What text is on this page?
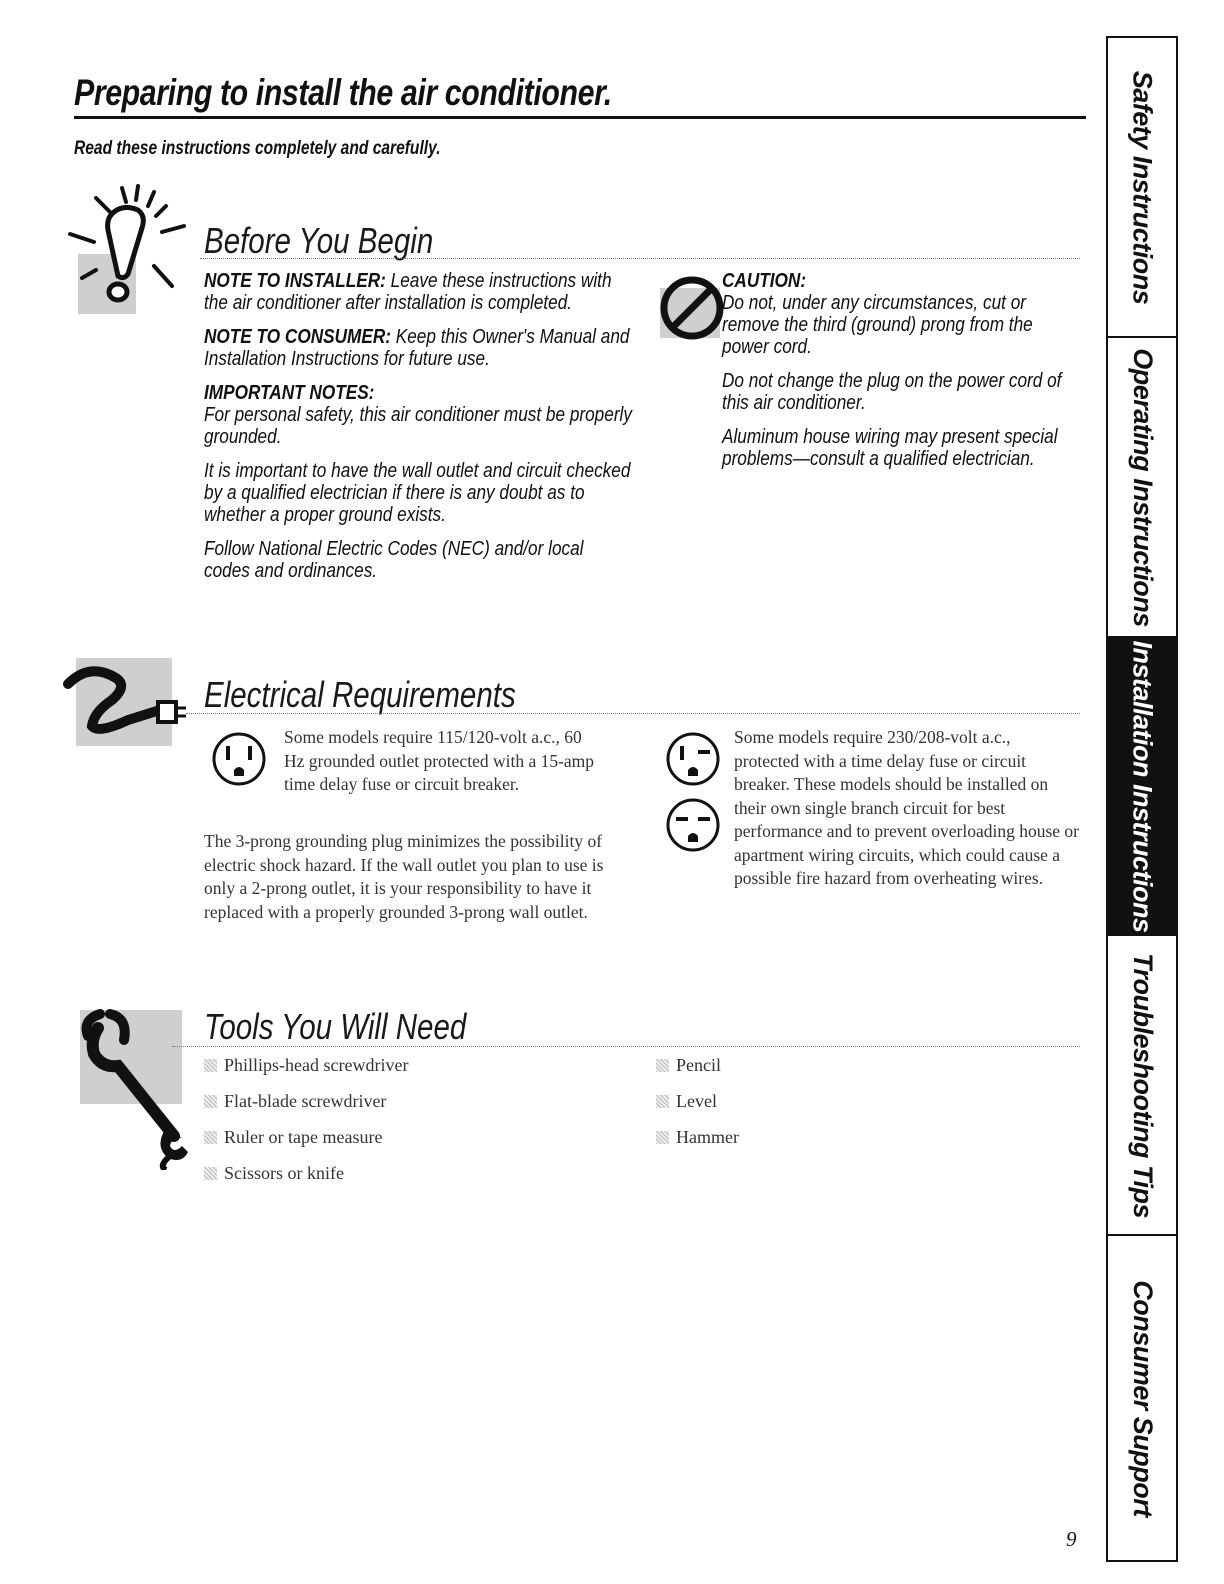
Preparing to install the air conditioner.
Read these instructions completely and carefully.
Before You Begin

NOTE TO INSTALLER: Leave these instructions with the air conditioner after installation is completed.

NOTE TO CONSUMER: Keep this Owner's Manual and Installation Instructions for future use.

IMPORTANT NOTES:
For personal safety, this air conditioner must be properly grounded.

It is important to have the wall outlet and circuit checked by a qualified electrician if there is any doubt as to whether a proper ground exists.

Follow National Electric Codes (NEC) and/or local codes and ordinances.

CAUTION:
Do not, under any circumstances, cut or remove the third (ground) prong from the power cord.

Do not change the plug on the power cord of this air conditioner.

Aluminum house wiring may present special problems—consult a qualified electrician.

Electrical Requirements
Some models require 115/120-volt a.c., 60 Hz grounded outlet protected with a 15-amp time delay fuse or circuit breaker.
The 3-prong grounding plug minimizes the possibility of electric shock hazard. If the wall outlet you plan to use is only a 2-prong outlet, it is your responsibility to have it replaced with a properly grounded 3-prong wall outlet.
Some models require 230/208-volt a.c., protected with a time delay fuse or circuit breaker. These models should be installed on their own single branch circuit for best performance and to prevent overloading house or apartment wiring circuits, which could cause a possible fire hazard from overheating wires.
Tools You Will Need
Phillips-head screwdriver
Flat-blade screwdriver
Ruler or tape measure
Scissors or knife
Pencil
Level
Hammer
Safety Instructions
Operating Instructions
Installation Instructions
Troubleshooting Tips
Consumer Support
9
